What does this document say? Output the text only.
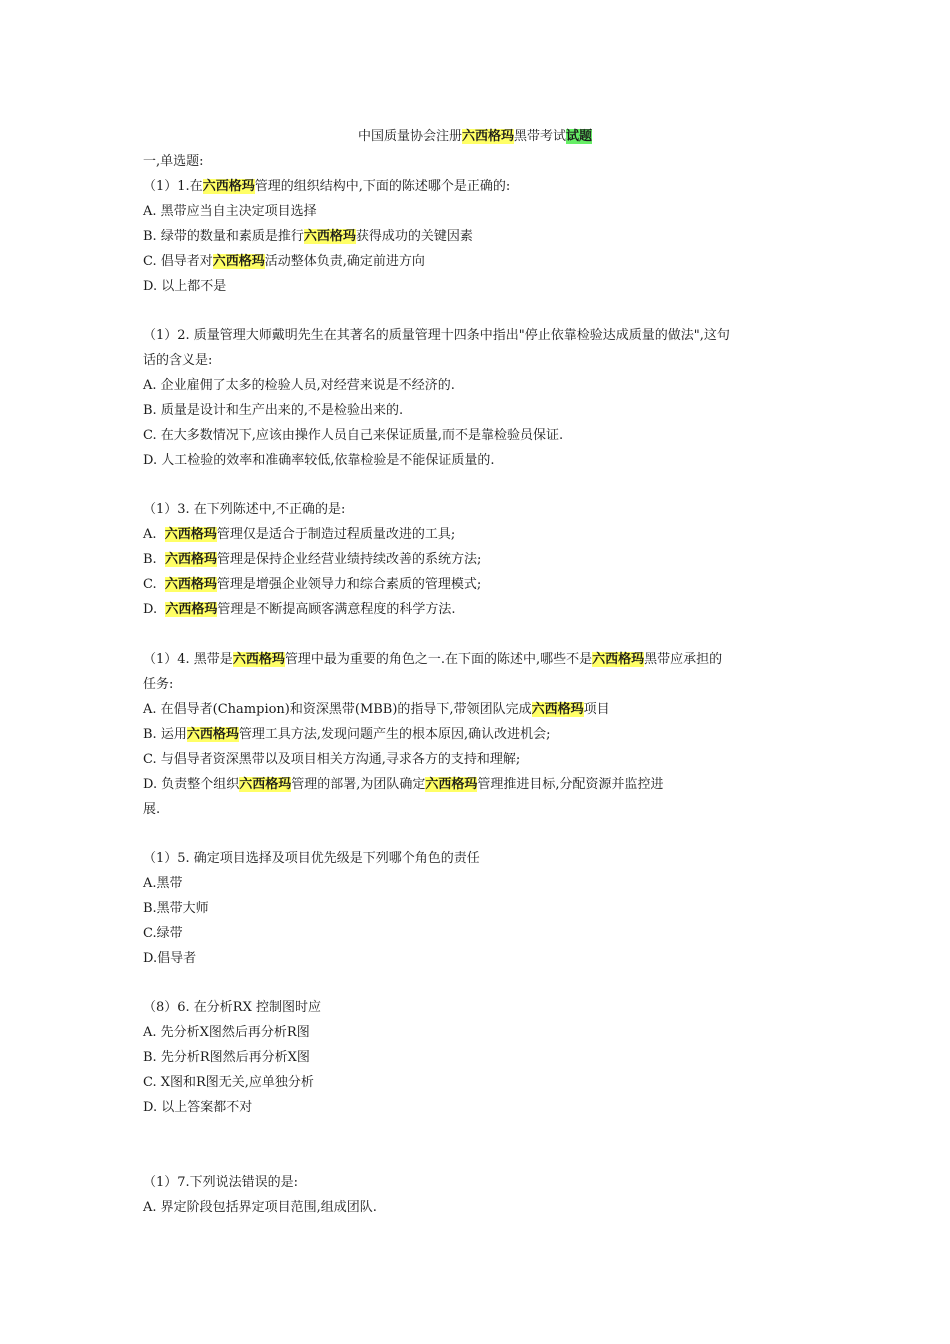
中国质量协会注册六西格玛黑带考试试题
一,单选题:
（1）1.在六西格玛管理的组织结构中,下面的陈述哪个是正确的:
A. 黑带应当自主决定项目选择
B. 绿带的数量和素质是推行六西格玛获得成功的关键因素
C. 倡导者对六西格玛活动整体负责,确定前进方向
D. 以上都不是
（1）2. 质量管理大师戴明先生在其著名的质量管理十四条中指出"停止依靠检验达成质量的做法",这句
话的含义是:
A. 企业雇佣了太多的检验人员,对经营来说是不经济的.
B. 质量是设计和生产出来的,不是检验出来的.
C. 在大多数情况下,应该由操作人员自己来保证质量,而不是靠检验员保证.
D. 人工检验的效率和准确率较低,依靠检验是不能保证质量的.
（1）3. 在下列陈述中,不正确的是:
A.  六西格玛管理仅是适合于制造过程质量改进的工具;
B.  六西格玛管理是保持企业经营业绩持续改善的系统方法;
C.  六西格玛管理是增强企业领导力和综合素质的管理模式;
D.  六西格玛管理是不断提高顾客满意程度的科学方法.
（1）4. 黑带是六西格玛管理中最为重要的角色之一.在下面的陈述中,哪些不是六西格玛黑带应承担的
任务:
A. 在倡导者(Champion)和资深黑带(MBB)的指导下,带领团队完成六西格玛项目
B. 运用六西格玛管理工具方法,发现问题产生的根本原因,确认改进机会;
C. 与倡导者资深黑带以及项目相关方沟通,寻求各方的支持和理解;
D. 负责整个组织六西格玛管理的部署,为团队确定六西格玛管理推进目标,分配资源并监控进
展.
（1）5. 确定项目选择及项目优先级是下列哪个角色的责任
A.黑带
B.黑带大师
C.绿带
D.倡导者
（8）6. 在分析RX 控制图时应
A. 先分析X图然后再分析R图
B. 先分析R图然后再分析X图
C. X图和R图无关,应单独分析
D. 以上答案都不对
（1）7.下列说法错误的是:
A. 界定阶段包括界定项目范围,组成团队.
